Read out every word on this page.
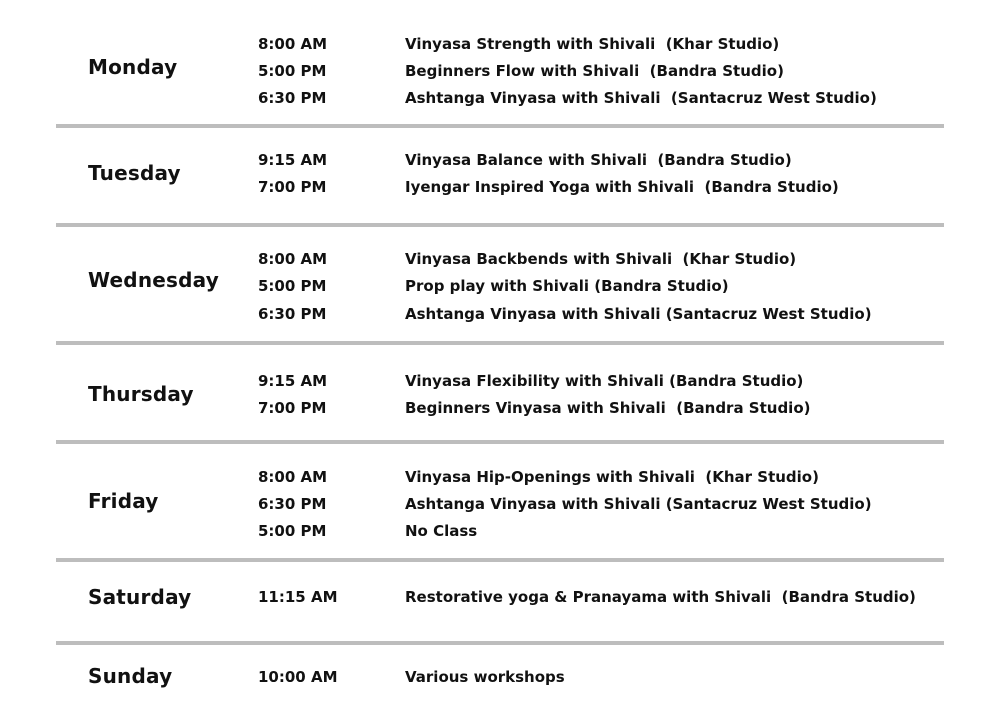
Monday
8:00 AM	Vinyasa Strength with Shivali  (Khar Studio)
5:00 PM	Beginners Flow with Shivali  (Bandra Studio)
6:30 PM	Ashtanga Vinyasa with Shivali  (Santacruz West Studio)
Tuesday
9:15 AM	Vinyasa Balance with Shivali  (Bandra Studio)
7:00 PM	Iyengar Inspired Yoga with Shivali  (Bandra Studio)
Wednesday
8:00 AM	Vinyasa Backbends with Shivali  (Khar Studio)
5:00 PM	Prop play with Shivali (Bandra Studio)
6:30 PM	Ashtanga Vinyasa with Shivali (Santacruz West Studio)
Thursday
9:15 AM	Vinyasa Flexibility with Shivali (Bandra Studio)
7:00 PM	Beginners Vinyasa with Shivali  (Bandra Studio)
Friday
8:00 AM	Vinyasa Hip-Openings with Shivali  (Khar Studio)
6:30 PM	Ashtanga Vinyasa with Shivali (Santacruz West Studio)
5:00 PM	No Class
Saturday	11:15 AM	Restorative yoga & Pranayama with Shivali  (Bandra Studio)
Sunday	10:00 AM	Various workshops
